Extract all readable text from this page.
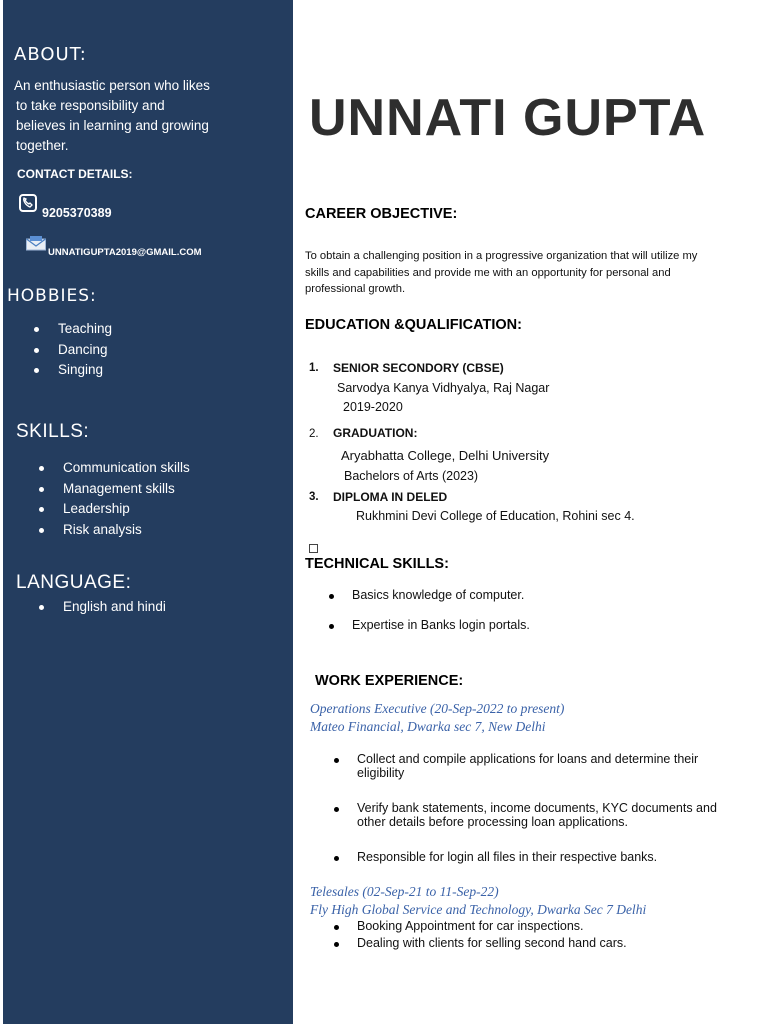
ABOUT:
An enthusiastic person who likes
to take responsibility and
believes in learning and growing
together.
CONTACT DETAILS:
9205370389
UNNATIGUPTA2019@GMAIL.COM
HOBBIES:
Teaching
Dancing
Singing
SKILLS:
Communication skills
Management skills
Leadership
Risk analysis
LANGUAGE:
English and hindi
UNNATI GUPTA
CAREER OBJECTIVE:
To obtain a challenging position in a progressive organization that will utilize my
skills and capabilities and provide me with an opportunity for personal and
professional growth.
EDUCATION &QUALIFICATION:
1. SENIOR SECONDORY (CBSE)
Sarvodya Kanya Vidhyalya, Raj Nagar
2019-2020
2. GRADUATION:
Aryabhatta College, Delhi University
Bachelors of Arts (2023)
3. DIPLOMA IN DELED
Rukhmini Devi College of Education, Rohini sec 4.
TECHNICAL SKILLS:
Basics knowledge of computer.
Expertise in Banks login portals.
WORK EXPERIENCE:
Operations Executive (20-Sep-2022 to present)
Mateo Financial, Dwarka sec 7, New Delhi
Collect and compile applications for loans and determine their
eligibility
Verify bank statements, income documents, KYC documents and
other details before processing loan applications.
Responsible for login all files in their respective banks.
Telesales (02-Sep-21 to 11-Sep-22)
Fly High Global Service and Technology, Dwarka Sec 7 Delhi
Booking Appointment for car inspections.
Dealing with clients for selling second hand cars.
